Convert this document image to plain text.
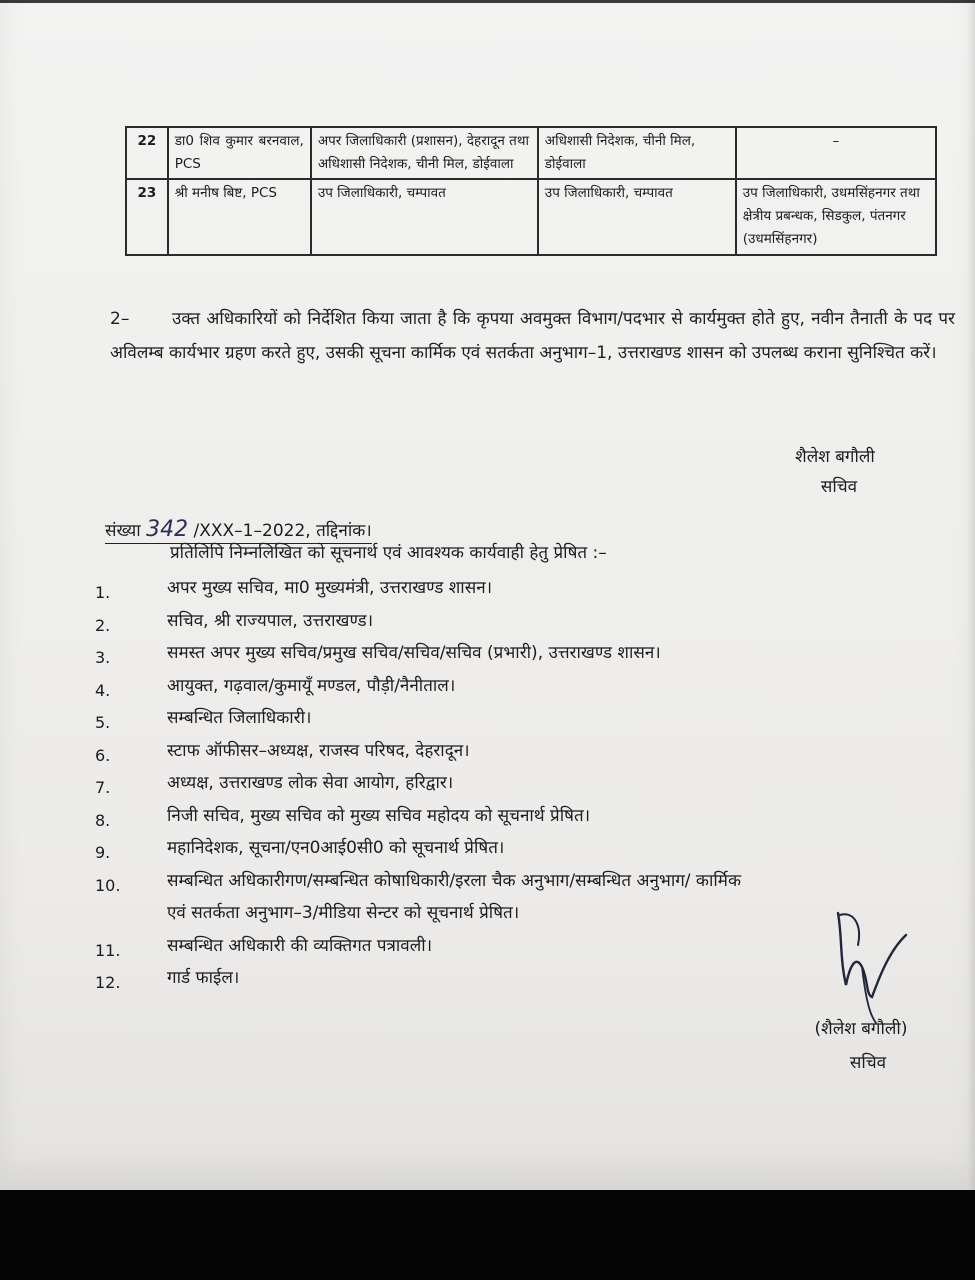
22	डा0 शिव कुमार बरनवाल, PCS	अपर जिलाधिकारी (प्रशासन), देहरादून तथा अधिशासी निदेशक, चीनी मिल, डोईवाला	अधिशासी निदेशक, चीनी मिल, डोईवाला	–

23	श्री मनीष बिष्ट, PCS	उप जिलाधिकारी, चम्पावत	उप जिलाधिकारी, चम्पावत	उप जिलाधिकारी, उधमसिंहनगर तथा क्षेत्रीय प्रबन्धक, सिडकुल, पंतनगर (उधमसिंहनगर)
2–	उक्त अधिकारियों को निर्देशित किया जाता है कि कृपया अवमुक्त विभाग/पदभार से कार्यमुक्त होते हुए, नवीन तैनाती के पद पर अविलम्ब कार्यभार ग्रहण करते हुए, उसकी सूचना कार्मिक एवं सतर्कता अनुभाग–1, उत्तराखण्ड शासन को उपलब्ध कराना सुनिश्चित करें।
शैलेश बगौली
सचिव
संख्या 342 /XXX–1–2022, तद्दिनांक।
प्रतिलिपि निम्नलिखित को सूचनार्थ एवं आवश्यक कार्यवाही हेतु प्रेषित :–
1.	अपर मुख्य सचिव, मा0 मुख्यमंत्री, उत्तराखण्ड शासन।
2.	सचिव, श्री राज्यपाल, उत्तराखण्ड।
3.	समस्त अपर मुख्य सचिव/प्रमुख सचिव/सचिव/सचिव (प्रभारी), उत्तराखण्ड शासन।
4.	आयुक्त, गढ़वाल/कुमायूँ मण्डल, पौड़ी/नैनीताल।
5.	सम्बन्धित जिलाधिकारी।
6.	स्टाफ ऑफीसर–अध्यक्ष, राजस्व परिषद, देहरादून।
7.	अध्यक्ष, उत्तराखण्ड लोक सेवा आयोग, हरिद्वार।
8.	निजी सचिव, मुख्य सचिव को मुख्य सचिव महोदय को सूचनार्थ प्रेषित।
9.	महानिदेशक, सूचना/एन0आई0सी0 को सूचनार्थ प्रेषित।
10.	सम्बन्धित अधिकारीगण/सम्बन्धित कोषाधिकारी/इरला चैक अनुभाग/सम्बन्धित अनुभाग/ कार्मिक
एवं सतर्कता अनुभाग–3/मीडिया सेन्टर को सूचनार्थ प्रेषित।
11.	सम्बन्धित अधिकारी की व्यक्तिगत पत्रावली।
12.	गार्ड फाईल।
(शैलेश बगौली)
सचिव
